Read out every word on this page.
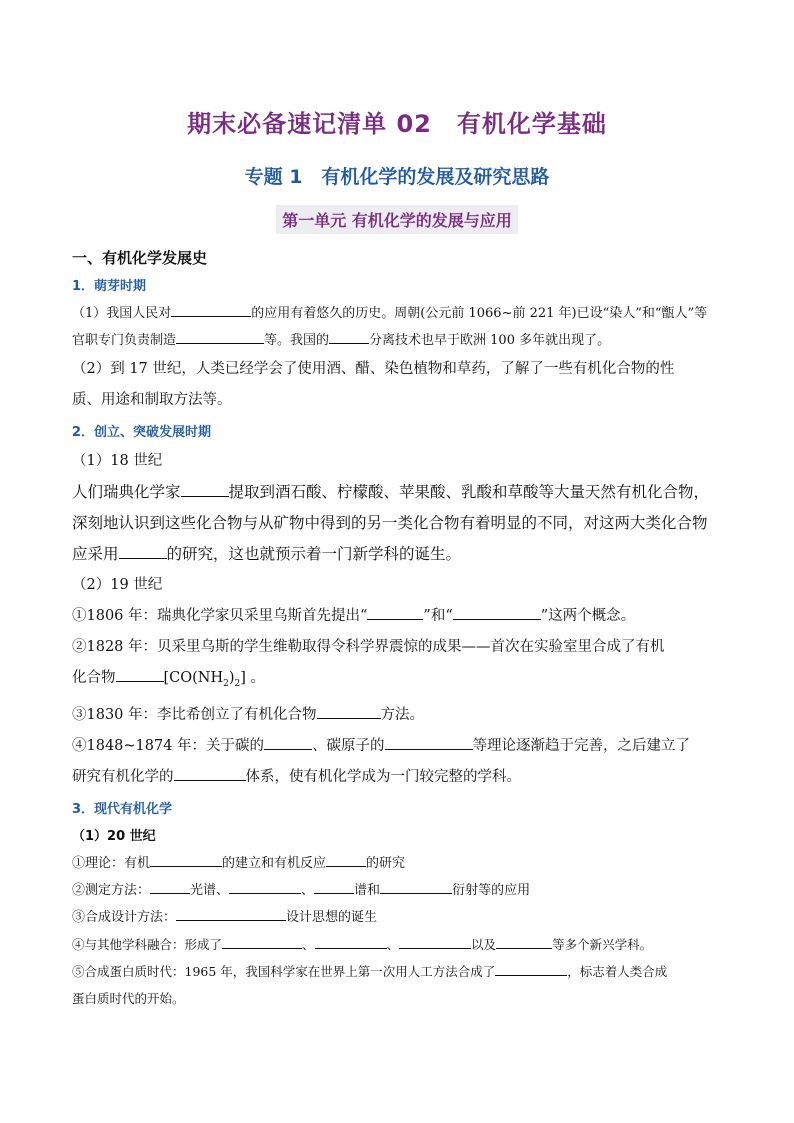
期末必备速记清单 02　有机化学基础
专题 1　有机化学的发展及研究思路
第一单元 有机化学的发展与应用
一、有机化学发展史
1．萌芽时期
（1）我国人民对	的应用有着悠久的历史。周朝(公元前 1066~前 221 年)已设“染人”和“甑人”等
官职专门负责制造	等。我国的	分离技术也早于欧洲 100 多年就出现了。
（2）到 17 世纪，人类已经学会了使用酒、醋、染色植物和草药，了解了一些有机化合物的性
质、用途和制取方法等。
2．创立、突破发展时期
（1）18 世纪
人们瑞典化学家	提取到酒石酸、柠檬酸、苹果酸、乳酸和草酸等大量天然有机化合物，
深刻地认识到这些化合物与从矿物中得到的另一类化合物有着明显的不同，对这两大类化合物
应采用	的研究，这也就预示着一门新学科的诞生。
（2）19 世纪
①1806 年：瑞典化学家贝采里乌斯首先提出“	”和“	”这两个概念。
②1828 年：贝采里乌斯的学生维勒取得令科学界震惊的成果——首次在实验室里合成了有机
化合物	$[CO(NH_2)_2]$ 。
③1830 年：李比希创立了有机化合物	方法。
④1848~1874 年：关于碳的	、碳原子的	等理论逐渐趋于完善，之后建立了
研究有机化学的	体系，使有机化学成为一门较完整的学科。
3．现代有机化学
（1）20 世纪
①理论：有机	的建立和有机反应	的研究
②测定方法：	光谱、	、	谱和	衍射等的应用
③合成设计方法：	设计思想的诞生
④与其他学科融合：形成了	、	、	以及	等多个新兴学科。
⑤合成蛋白质时代：1965 年，我国科学家在世界上第一次用人工方法合成了	，标志着人类合成
蛋白质时代的开始。
